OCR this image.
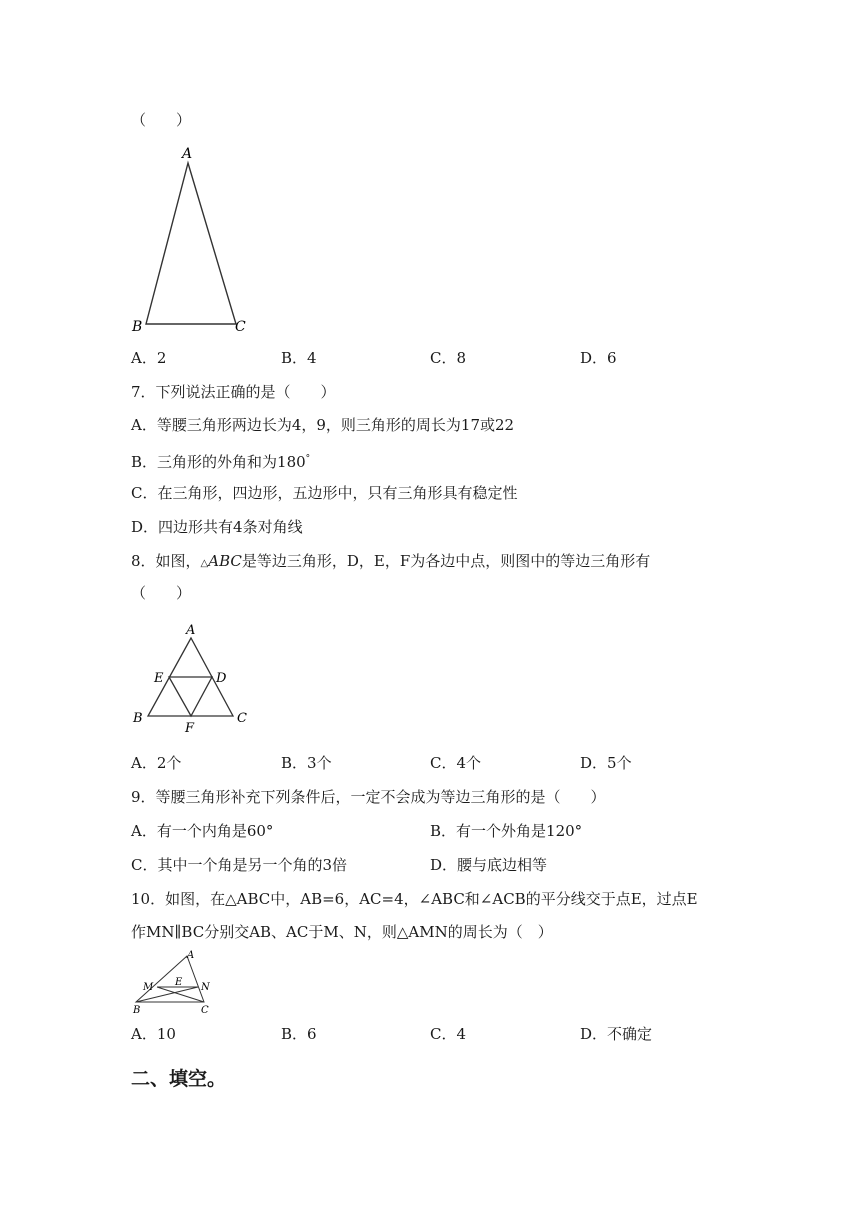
（　　）
A
B	C
A．2	B．4	C．8	D．6
7．下列说法正确的是（　　）
A．等腰三角形两边长为4，9，则三角形的周长为17或22
B．三角形的外角和为180°
C．在三角形，四边形，五边形中，只有三角形具有稳定性
D．四边形共有4条对角线
8．如图，△ABC是等边三角形，D，E，F为各边中点，则图中的等边三角形有
（　　）
A
E	D
B
F
C
A．2个	B．3个	C．4个	D．5个
9．等腰三角形补充下列条件后，一定不会成为等边三角形的是（　　）
A．有一个内角是60°	B．有一个外角是120°
C．其中一个角是另一个角的3倍	D．腰与底边相等
10．如图，在△ABC中，AB=6，AC=4，∠ABC和∠ACB的平分线交于点E，过点E
作MN∥BC分别交AB、AC于M、N，则△AMN的周长为（　）
A
M E N
B	C
A．10	B．6	C．4	D．不确定
二、填空。
